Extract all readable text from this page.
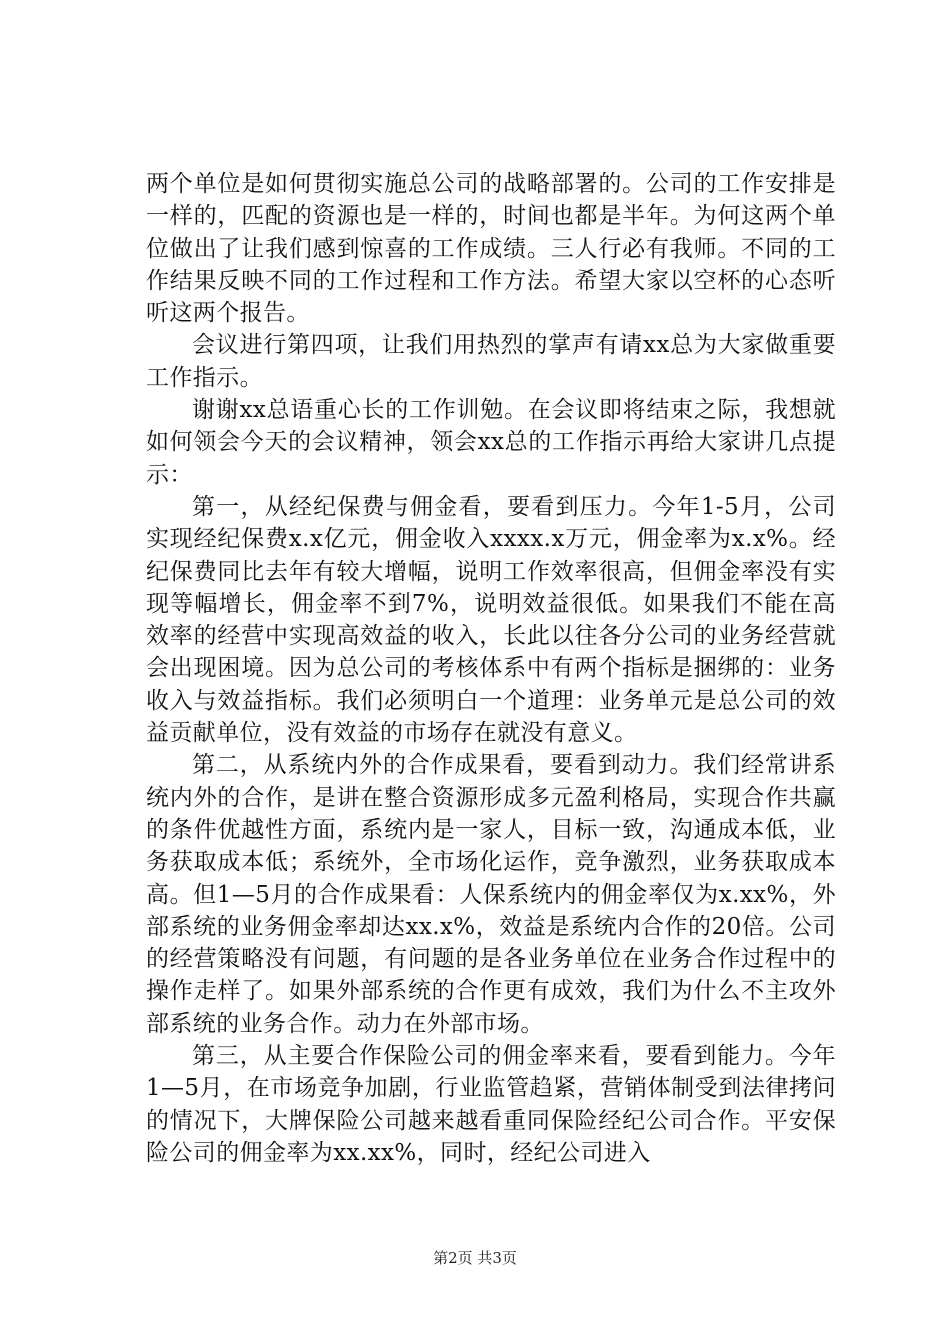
两个单位是如何贯彻实施总公司的战略部署的。公司的工作安排是一样的，匹配的资源也是一样的，时间也都是半年。为何这两个单位做出了让我们感到惊喜的工作成绩。三人行必有我师。不同的工作结果反映不同的工作过程和工作方法。希望大家以空杯的心态听听这两个报告。

会议进行第四项，让我们用热烈的掌声有请xx总为大家做重要工作指示。

谢谢xx总语重心长的工作训勉。在会议即将结束之际，我想就如何领会今天的会议精神，领会xx总的工作指示再给大家讲几点提示：

第一，从经纪保费与佣金看，要看到压力。今年1-5月，公司实现经纪保费x.x亿元，佣金收入xxxx.x万元，佣金率为x.x%。经纪保费同比去年有较大增幅，说明工作效率很高，但佣金率没有实现等幅增长，佣金率不到7%，说明效益很低。如果我们不能在高效率的经营中实现高效益的收入，长此以往各分公司的业务经营就会出现困境。因为总公司的考核体系中有两个指标是捆绑的：业务收入与效益指标。我们必须明白一个道理：业务单元是总公司的效益贡献单位，没有效益的市场存在就没有意义。

第二，从系统内外的合作成果看，要看到动力。我们经常讲系统内外的合作，是讲在整合资源形成多元盈利格局，实现合作共赢的条件优越性方面，系统内是一家人，目标一致，沟通成本低，业务获取成本低；系统外，全市场化运作，竞争激烈，业务获取成本高。但1—5月的合作成果看：人保系统内的佣金率仅为x.xx%，外部系统的业务佣金率却达xx.x%，效益是系统内合作的20倍。公司的经营策略没有问题，有问题的是各业务单位在业务合作过程中的操作走样了。如果外部系统的合作更有成效，我们为什么不主攻外部系统的业务合作。动力在外部市场。

第三，从主要合作保险公司的佣金率来看，要看到能力。今年1—5月，在市场竞争加剧，行业监管趋紧，营销体制受到法律拷问的情况下，大牌保险公司越来越看重同保险经纪公司合作。平安保险公司的佣金率为xx.xx%，同时，经纪公司进入

第2页 共3页
